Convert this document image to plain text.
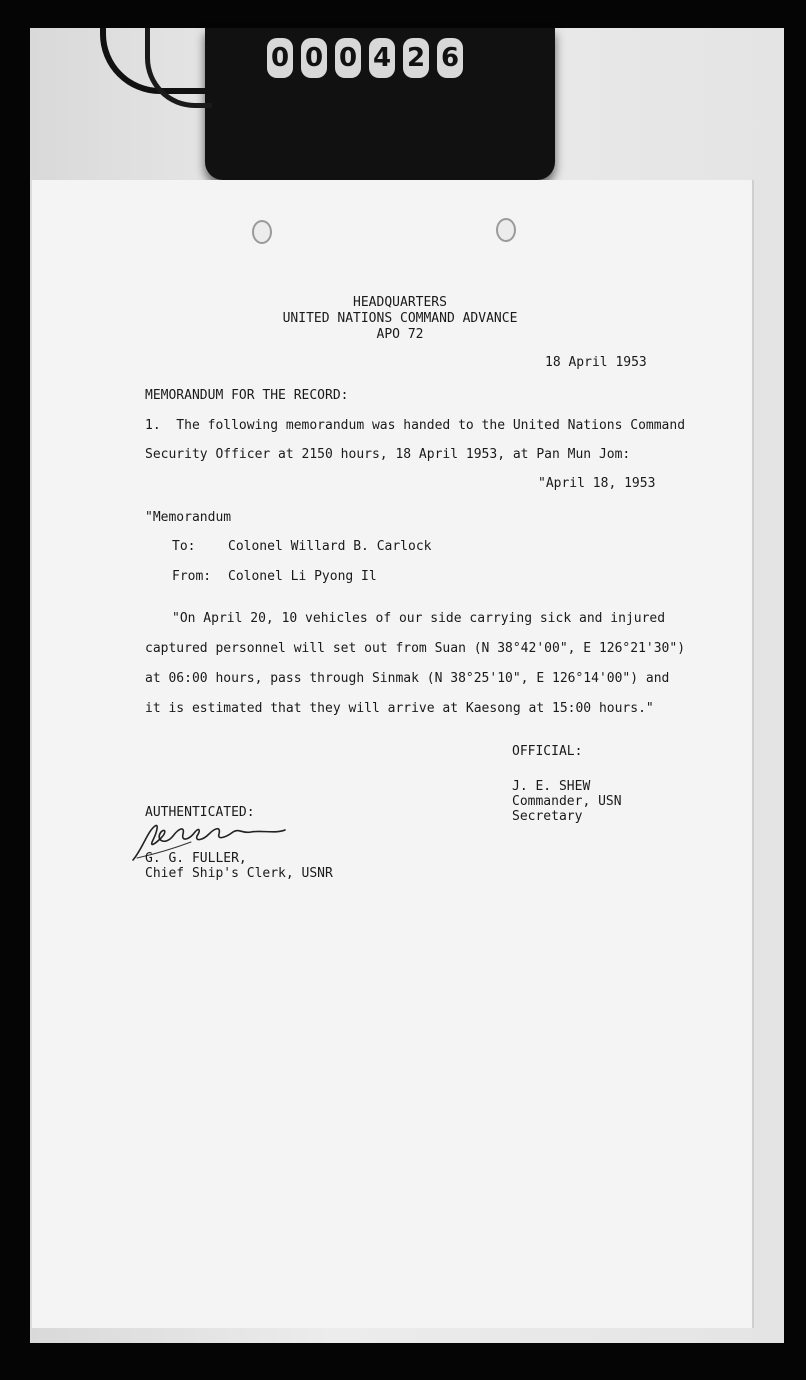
0 0 0 4 2 6
HEADQUARTERS
UNITED NATIONS COMMAND ADVANCE
APO 72
18 April 1953
MEMORANDUM FOR THE RECORD:
1.  The following memorandum was handed to the United Nations Command
Security Officer at 2150 hours, 18 April 1953, at Pan Mun Jom:
"April 18, 1953
"Memorandum
To:	Colonel Willard B. Carlock
From: Colonel Li Pyong Il
"On April 20, 10 vehicles of our side carrying sick and injured
captured personnel will set out from Suan (N 38°42'00", E 126°21'30")
at 06:00 hours, pass through Sinmak (N 38°25'10", E 126°14'00") and
it is estimated that they will arrive at Kaesong at 15:00 hours."
OFFICIAL:
J. E. SHEW
Commander, USN
Secretary
AUTHENTICATED:
G. G. FULLER,
Chief Ship's Clerk, USNR
